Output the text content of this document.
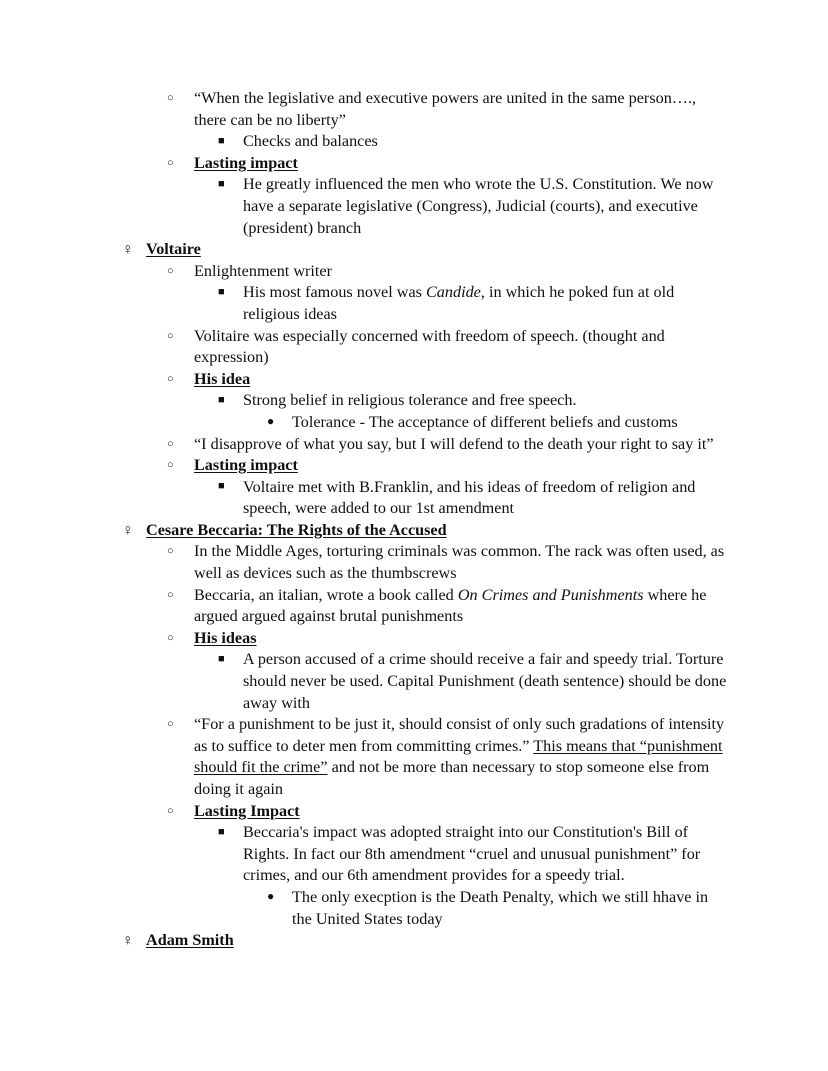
○ “When the legislative and executive powers are united in the same person…., there can be no liberty”
■ Checks and balances
○ Lasting impact
■ He greatly influenced the men who wrote the U.S. Constitution. We now have a separate legislative (Congress), Judicial (courts), and executive (president) branch
♀ Voltaire
○ Enlightenment writer
■ His most famous novel was Candide, in which he poked fun at old religious ideas
○ Volitaire was especially concerned with freedom of speech. (thought and expression)
○ His idea
■ Strong belief in religious tolerance and free speech.
● Tolerance - The acceptance of different beliefs and customs
○ “I disapprove of what you say, but I will defend to the death your right to say it”
○ Lasting impact
■ Voltaire met with B.Franklin, and his ideas of freedom of religion and speech, were added to our 1st amendment
♀ Cesare Beccaria: The Rights of the Accused
○ In the Middle Ages, torturing criminals was common. The rack was often used, as well as devices such as the thumbscrews
○ Beccaria, an italian, wrote a book called On Crimes and Punishments where he argued argued against brutal punishments
○ His ideas
■ A person accused of a crime should receive a fair and speedy trial. Torture should never be used. Capital Punishment (death sentence) should be done away with
○ “For a punishment to be just it, should consist of only such gradations of intensity as to suffice to deter men from committing crimes.” This means that “punishment should fit the crime” and not be more than necessary to stop someone else from doing it again
○ Lasting Impact
■ Beccaria's impact was adopted straight into our Constitution's Bill of Rights. In fact our 8th amendment “cruel and unusual punishment” for crimes, and our 6th amendment provides for a speedy trial.
● The only execption is the Death Penalty, which we still hhave in the United States today
♀ Adam Smith
